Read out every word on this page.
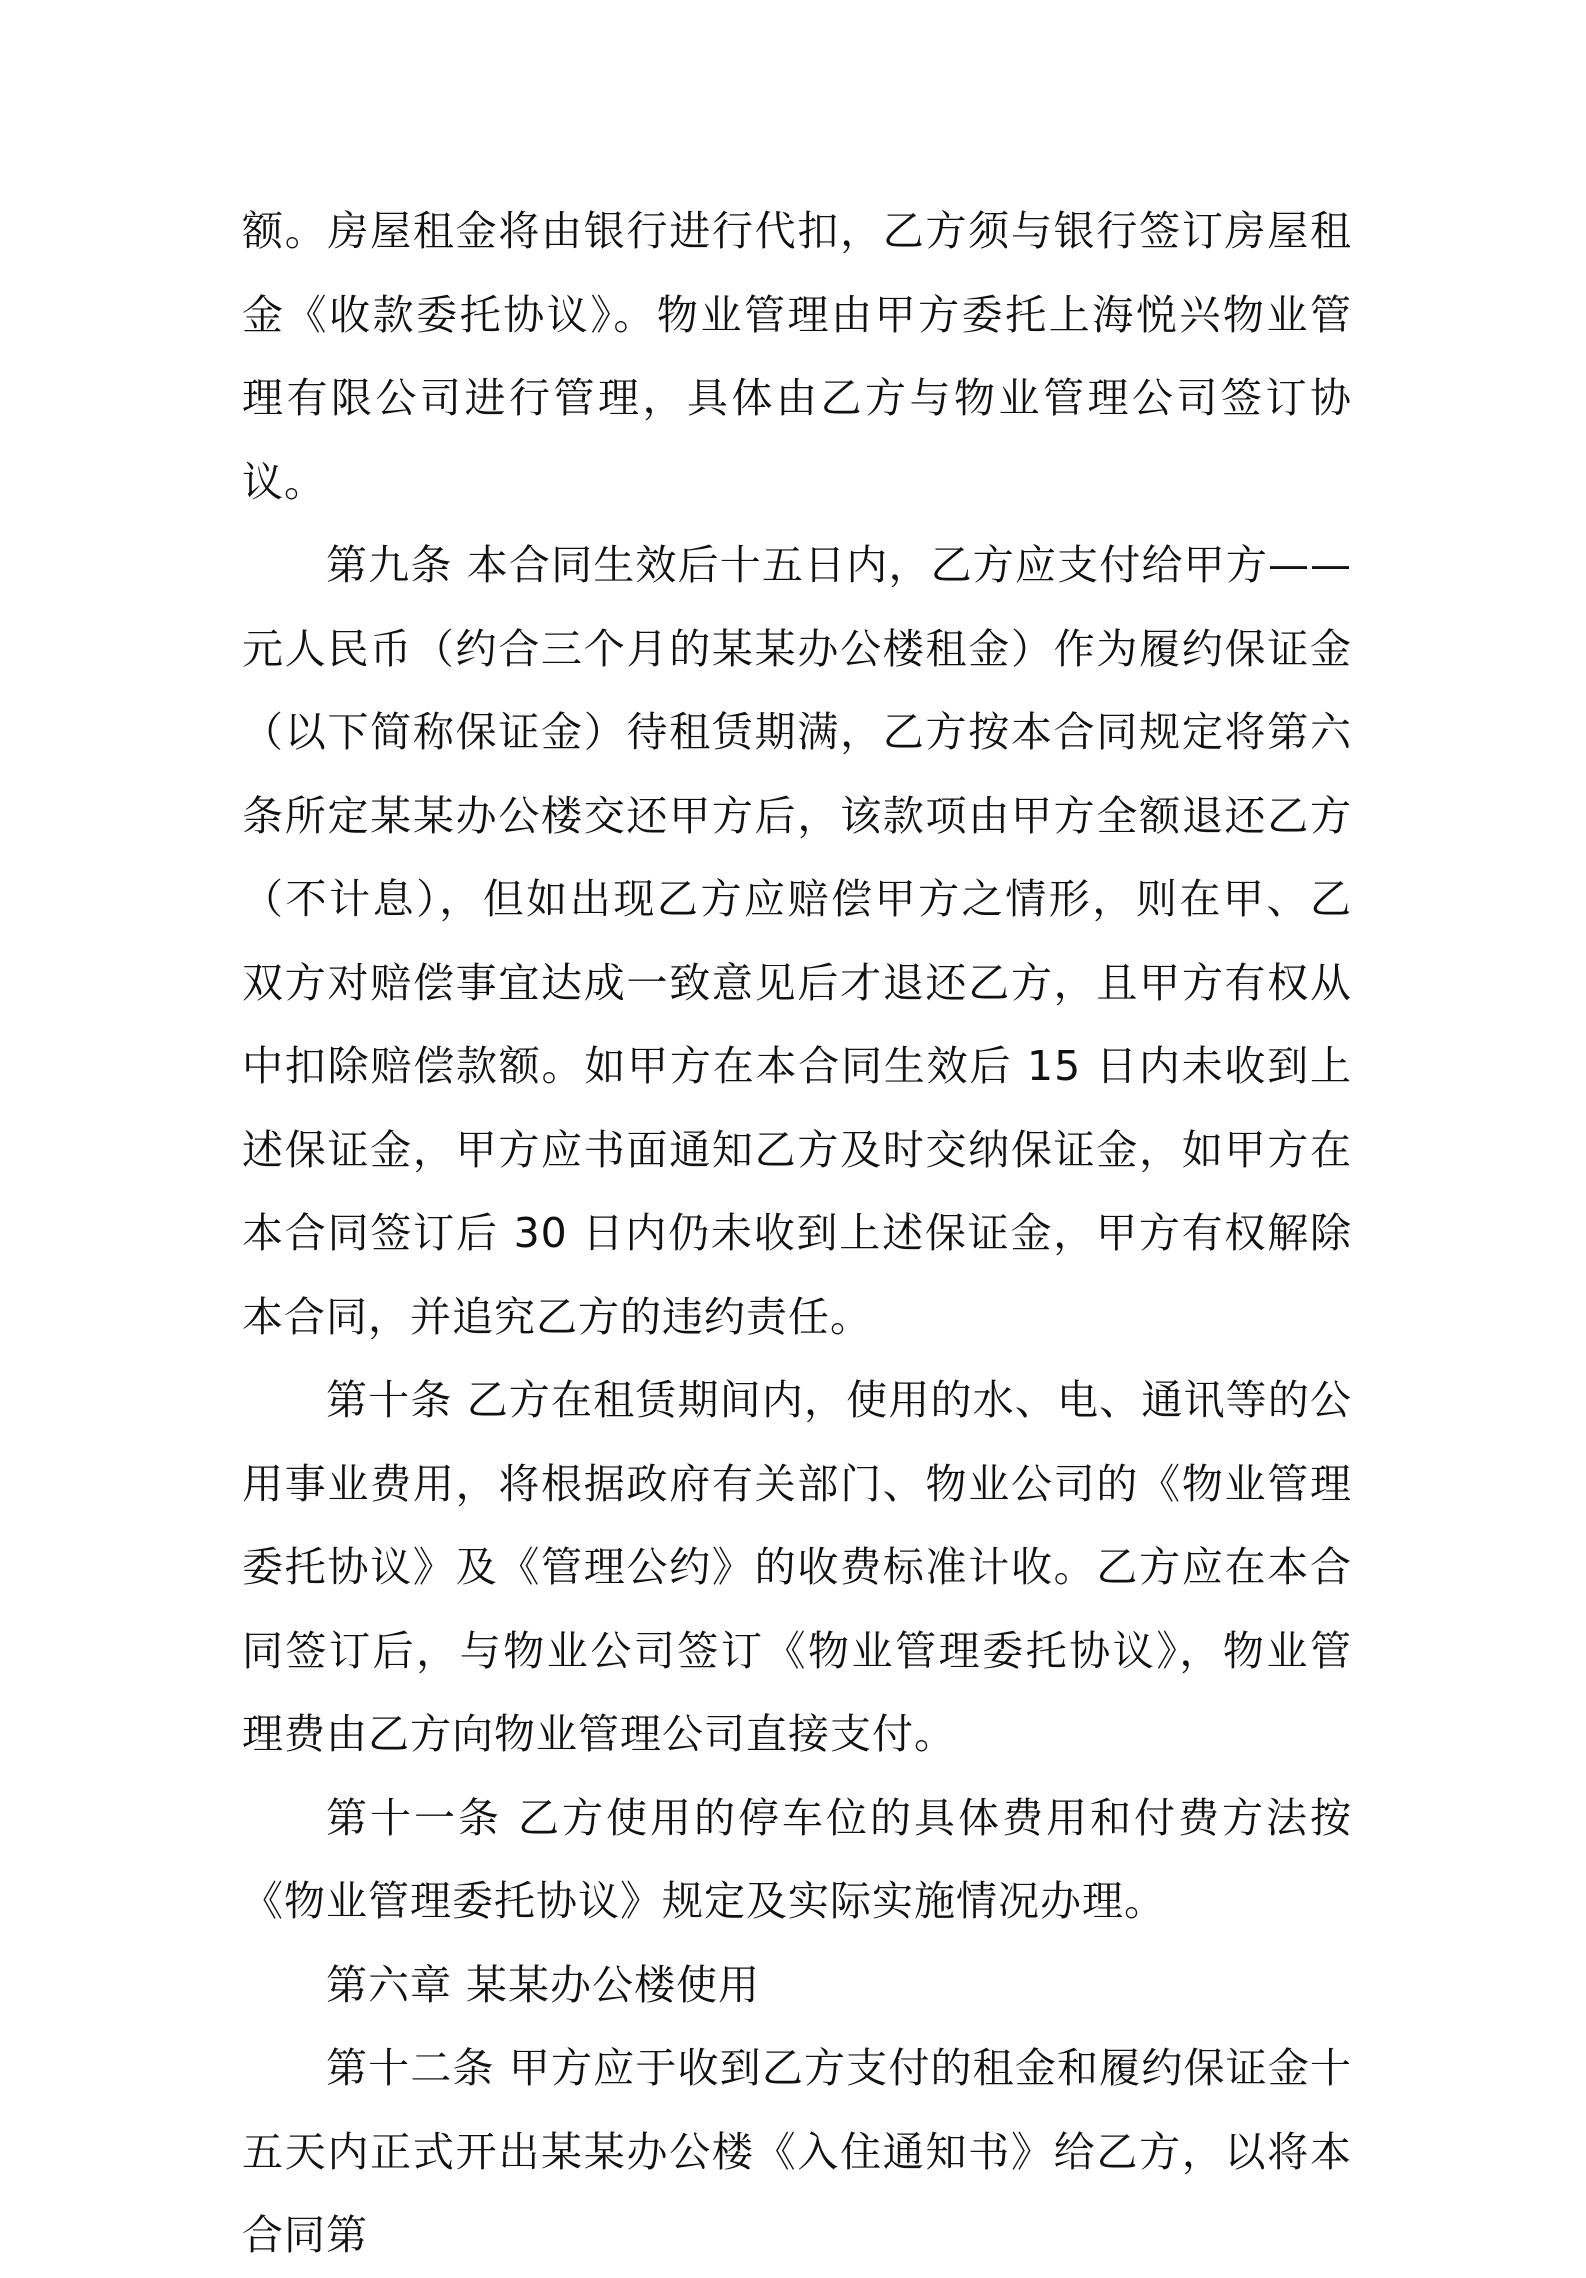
额。房屋租金将由银行进行代扣，乙方须与银行签订房屋租金《收款委托协议》。物业管理由甲方委托上海悦兴物业管理有限公司进行管理，具体由乙方与物业管理公司签订协议。

第九条 本合同生效后十五日内，乙方应支付给甲方——元人民币（约合三个月的某某办公楼租金）作为履约保证金（以下简称保证金）待租赁期满，乙方按本合同规定将第六条所定某某办公楼交还甲方后，该款项由甲方全额退还乙方（不计息），但如出现乙方应赔偿甲方之情形，则在甲、乙双方对赔偿事宜达成一致意见后才退还乙方，且甲方有权从中扣除赔偿款额。如甲方在本合同生效后 15 日内未收到上述保证金，甲方应书面通知乙方及时交纳保证金，如甲方在本合同签订后 30 日内仍未收到上述保证金，甲方有权解除本合同，并追究乙方的违约责任。

第十条 乙方在租赁期间内，使用的水、电、通讯等的公用事业费用，将根据政府有关部门、物业公司的《物业管理委托协议》及《管理公约》的收费标准计收。乙方应在本合同签订后，与物业公司签订《物业管理委托协议》，物业管理费由乙方向物业管理公司直接支付。

第十一条 乙方使用的停车位的具体费用和付费方法按《物业管理委托协议》规定及实际实施情况办理。

第六章 某某办公楼使用

第十二条 甲方应于收到乙方支付的租金和履约保证金十五天内正式开出某某办公楼《入住通知书》给乙方，以将本合同第
